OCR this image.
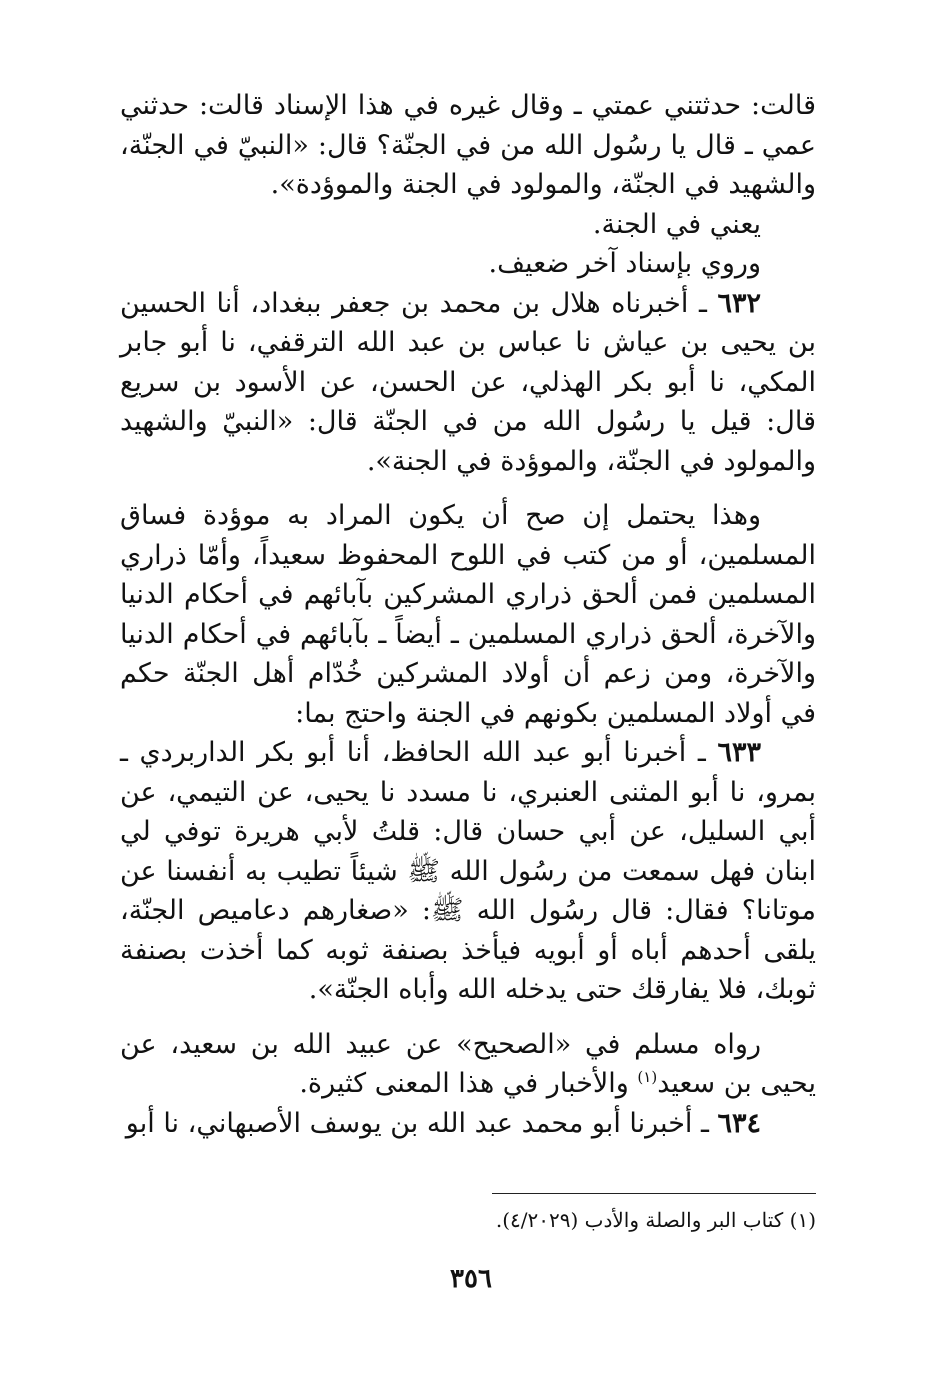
قالت: حدثتني عمتي ـ وقال غيره في هذا الإسناد قالت: حدثني عمي ـ قال يا رسُول الله من في الجنّة؟ قال: «النبيّ في الجنّة، والشهيد في الجنّة، والمولود في الجنة والموؤدة».

يعني في الجنة.

وروي بإسناد آخر ضعيف.

٦٣٢ ـ أخبرناه هلال بن محمد بن جعفر ببغداد، أنا الحسين بن يحيى بن عياش نا عباس بن عبد الله الترقفي، نا أبو جابر المكي، نا أبو بكر الهذلي، عن الحسن، عن الأسود بن سريع قال: قيل يا رسُول الله من في الجنّة قال: «النبيّ والشهيد والمولود في الجنّة، والموؤدة في الجنة».

وهذا يحتمل إن صح أن يكون المراد به موؤدة فساق المسلمين، أو من كتب في اللوح المحفوظ سعيداً، وأمّا ذراري المسلمين فمن ألحق ذراري المشركين بآبائهم في أحكام الدنيا والآخرة، ألحق ذراري المسلمين ـ أيضاً ـ بآبائهم في أحكام الدنيا والآخرة، ومن زعم أن أولاد المشركين خُدّام أهل الجنّة حكم في أولاد المسلمين بكونهم في الجنة واحتج بما:

٦٣٣ ـ أخبرنا أبو عبد الله الحافظ، أنا أبو بكر الداربردي ـ بمرو، نا أبو المثنى العنبري، نا مسدد نا يحيى، عن التيمي، عن أبي السليل، عن أبي حسان قال: قلتُ لأبي هريرة توفي لي ابنان فهل سمعت من رسُول الله ﷺ شيئاً تطيب به أنفسنا عن موتانا؟ فقال: قال رسُول الله ﷺ: «صغارهم دعاميص الجنّة، يلقى أحدهم أباه أو أبويه فيأخذ بصنفة ثوبه كما أخذت بصنفة ثوبك، فلا يفارقك حتى يدخله الله وأباه الجنّة».

رواه مسلم في «الصحيح» عن عبيد الله بن سعيد، عن يحيى بن سعيد$^{(١)}$ والأخبار في هذا المعنى كثيرة.

٦٣٤ ـ أخبرنا أبو محمد عبد الله بن يوسف الأصبهاني، نا أبو

(١) كتاب البر والصلة والأدب (٤/٢٠٢٩).
٣٥٦
